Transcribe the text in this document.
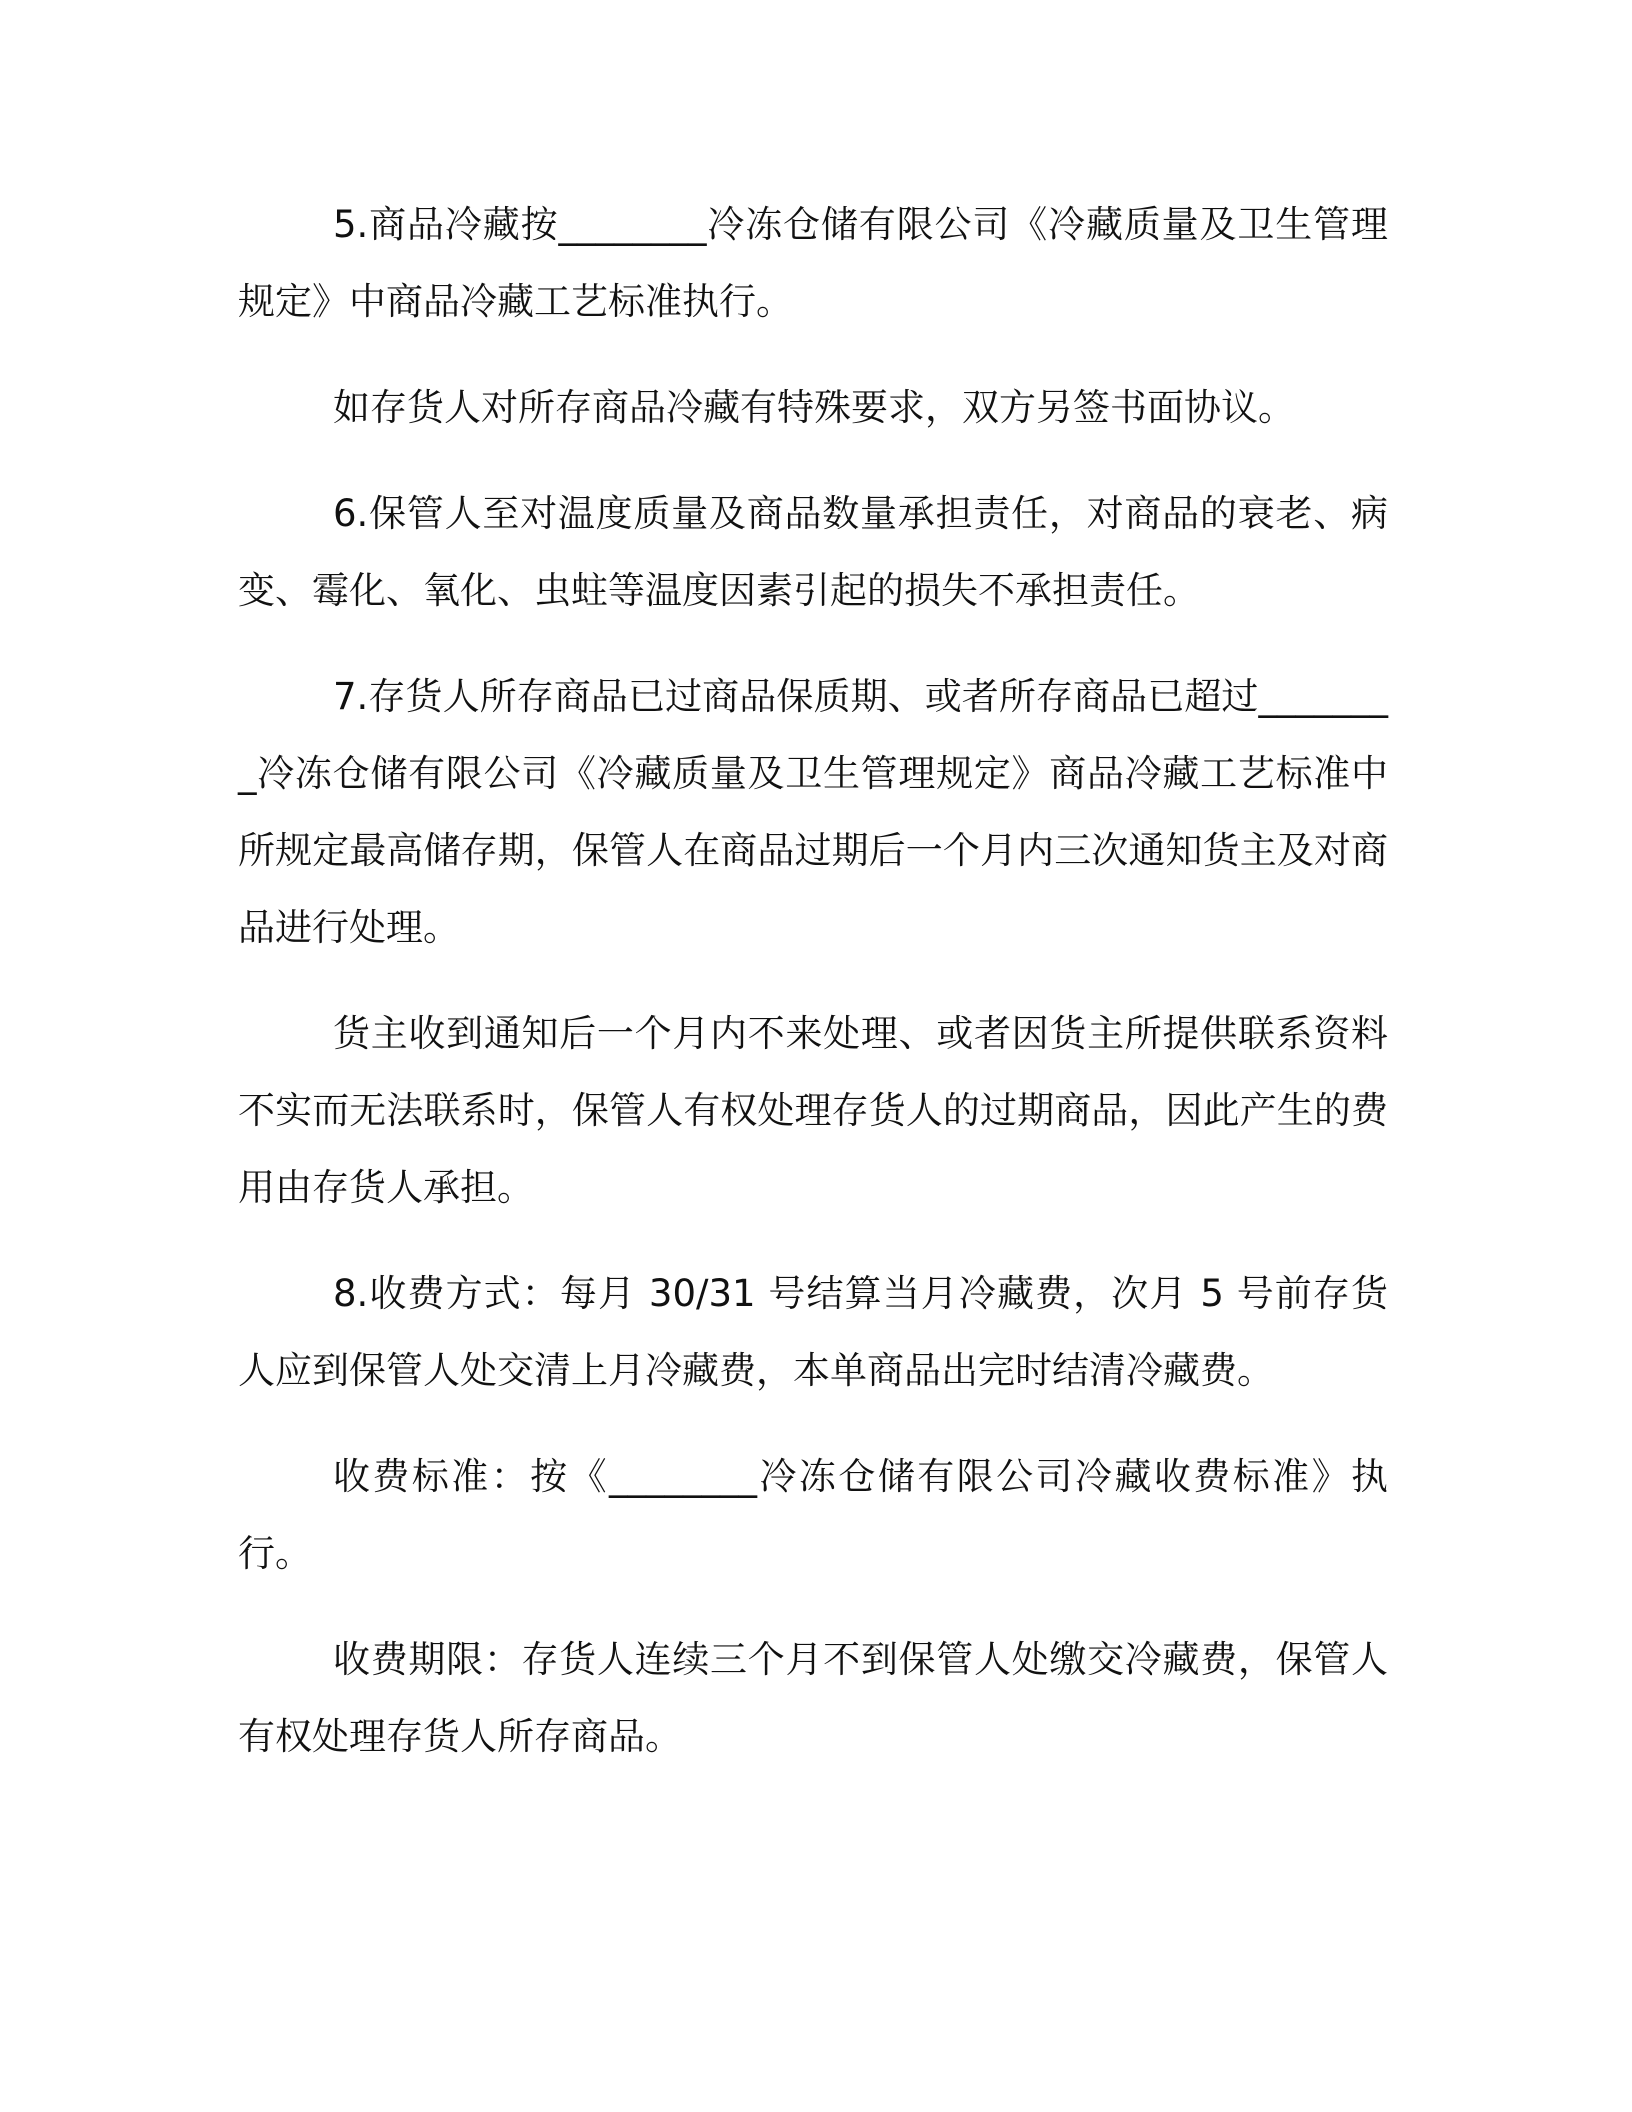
5.商品冷藏按________冷冻仓储有限公司《冷藏质量及卫生管理规定》中商品冷藏工艺标准执行。

如存货人对所存商品冷藏有特殊要求，双方另签书面协议。

6.保管人至对温度质量及商品数量承担责任，对商品的衰老、病变、霉化、氧化、虫蛀等温度因素引起的损失不承担责任。

7.存货人所存商品已过商品保质期、或者所存商品已超过________冷冻仓储有限公司《冷藏质量及卫生管理规定》商品冷藏工艺标准中所规定最高储存期，保管人在商品过期后一个月内三次通知货主及对商品进行处理。

货主收到通知后一个月内不来处理、或者因货主所提供联系资料不实而无法联系时，保管人有权处理存货人的过期商品，因此产生的费用由存货人承担。

8.收费方式：每月 30/31 号结算当月冷藏费，次月 5 号前存货人应到保管人处交清上月冷藏费，本单商品出完时结清冷藏费。

收费标准：按《________冷冻仓储有限公司冷藏收费标准》执行。

收费期限：存货人连续三个月不到保管人处缴交冷藏费，保管人有权处理存货人所存商品。
